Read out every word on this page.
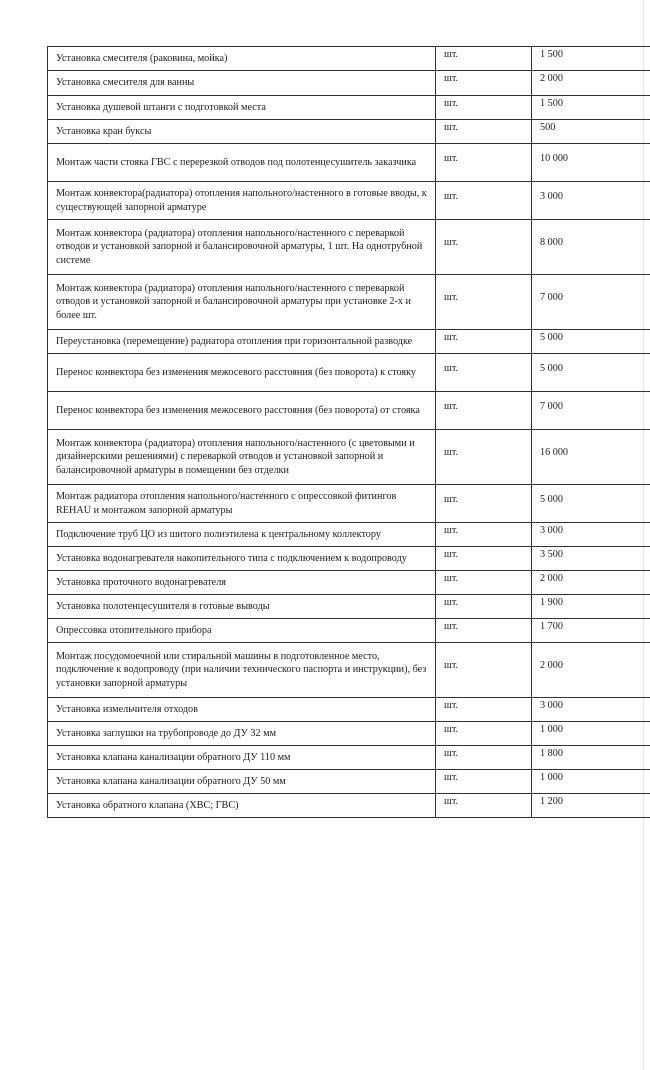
Установка смесителя (раковина, мойка)	шт.	1 500
Установка смесителя для ванны	шт.	2 000
Установка душевой штанги с подготовкой места	шт.	1 500
Установка кран буксы	шт.	500
Монтаж части стояка ГВС с перерезкой отводов под полотенцесушитель заказчика	шт.	10 000
Монтаж конвектора(радиатора) отопления напольного/настенного в готовые вводы, к существующей запорной арматуре	шт.	3 000
Монтаж конвектора (радиатора) отопления напольного/настенного с переваркой отводов и установкой запорной и балансировочной арматуры, 1 шт. На однотрубной системе	шт.	8 000
Монтаж конвектора (радиатора) отопления напольного/настенного с переваркой отводов и установкой запорной и балансировочной арматуры при установке 2-х и более шт.	шт.	7 000
Переустановка (перемещение) радиатора отопления при горизонтальной разводке	шт.	5 000
Перенос конвектора без изменения межосевого расстояния (без поворота) к стояку	шт.	5 000
Перенос конвектора без изменения межосевого расстояния (без поворота) от стояка	шт.	7 000
Монтаж конвектора (радиатора) отопления напольного/настенного (с цветовыми и дизайнерскими решениями) с переваркой отводов и установкой запорной и балансировочной арматуры в помещении без отделки	шт.	16 000
Монтаж радиатора отопления напольного/настенного с опрессовкой фитингов REHAU и монтажом запорной арматуры	шт.	5 000
Подключение труб ЦО из шитого полиэтилена к центральному коллектору	шт.	3 000
Установка водонагревателя накопительного типа с подключением к водопроводу	шт.	3 500
Установка проточного водонагревателя	шт.	2 000
Установка полотенцесушителя в готовые выводы	шт.	1 900
Опрессовка отопительного прибора	шт.	1 700
Монтаж посудомоечной или стиральной машины в подготовленное место, подключение к водопроводу (при наличии технического паспорта и инструкции), без установки запорной арматуры	шт.	2 000
Установка измельчителя отходов	шт.	3 000
Установка заглушки на трубопроводе до ДУ 32 мм	шт.	1 000
Установка клапана канализации обратного ДУ 110 мм	шт.	1 800
Установка клапана канализации обратного ДУ 50 мм	шт.	1 000
Установка обратного клапана (ХВС; ГВС)	шт.	1 200
